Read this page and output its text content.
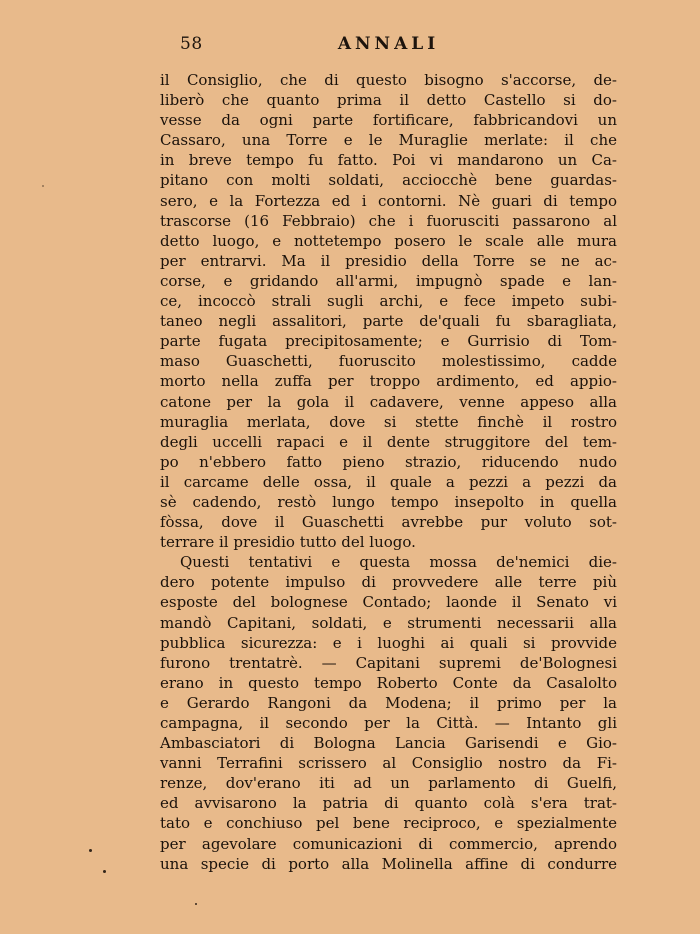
58	ANNALI
il Consiglio, che di questo bisogno s'accorse, de-
liberò che quanto prima il detto Castello si do-
vesse da ogni parte fortificare, fabbricandovi un
Cassaro, una Torre e le Muraglie merlate: il che
in breve tempo fu fatto. Poi vi mandarono un Ca-
pitano con molti soldati, acciocchè bene guardas-
sero, e la Fortezza ed i contorni. Nè guari di tempo
trascorse (16 Febbraio) che i fuorusciti passarono al
detto luogo, e nottetempo posero le scale alle mura
per entrarvi. Ma il presidio della Torre se ne ac-
corse, e gridando all'armi, impugnò spade e lan-
ce, incoccò strali sugli archi, e fece impeto subi-
taneo negli assalitori, parte de'quali fu sbaragliata,
parte fugata precipitosamente; e Gurrisio di Tom-
maso Guaschetti, fuoruscito molestissimo, cadde
morto nella zuffa per troppo ardimento, ed appio-
catone per la gola il cadavere, venne appeso alla
muraglia merlata, dove si stette finchè il rostro
degli uccelli rapaci e il dente struggitore del tem-
po n'ebbero fatto pieno strazio, riducendo nudo
il carcame delle ossa, il quale a pezzi a pezzi da
sè cadendo, restò lungo tempo insepolto in quella
fòssa, dove il Guaschetti avrebbe pur voluto sot-
terrare il presidio tutto del luogo.
Questi tentativi e questa mossa de'nemici die-
dero potente impulso di provvedere alle terre più
esposte del bolognese Contado; laonde il Senato vi
mandò Capitani, soldati, e strumenti necessarii alla
pubblica sicurezza: e i luoghi ai quali si provvide
furono trentatrè. — Capitani supremi de'Bolognesi
erano in questo tempo Roberto Conte da Casalolto
e Gerardo Rangoni da Modena; il primo per la
campagna, il secondo per la Città. — Intanto gli
Ambasciatori di Bologna Lancia Garisendi e Gio-
vanni Terrafini scrissero al Consiglio nostro da Fi-
renze, dov'erano iti ad un parlamento di Guelfi,
ed avvisarono la patria di quanto colà s'era trat-
tato e conchiuso pel bene reciproco, e spezialmente
per agevolare comunicazioni di commercio, aprendo
una specie di porto alla Molinella affine di condurre
